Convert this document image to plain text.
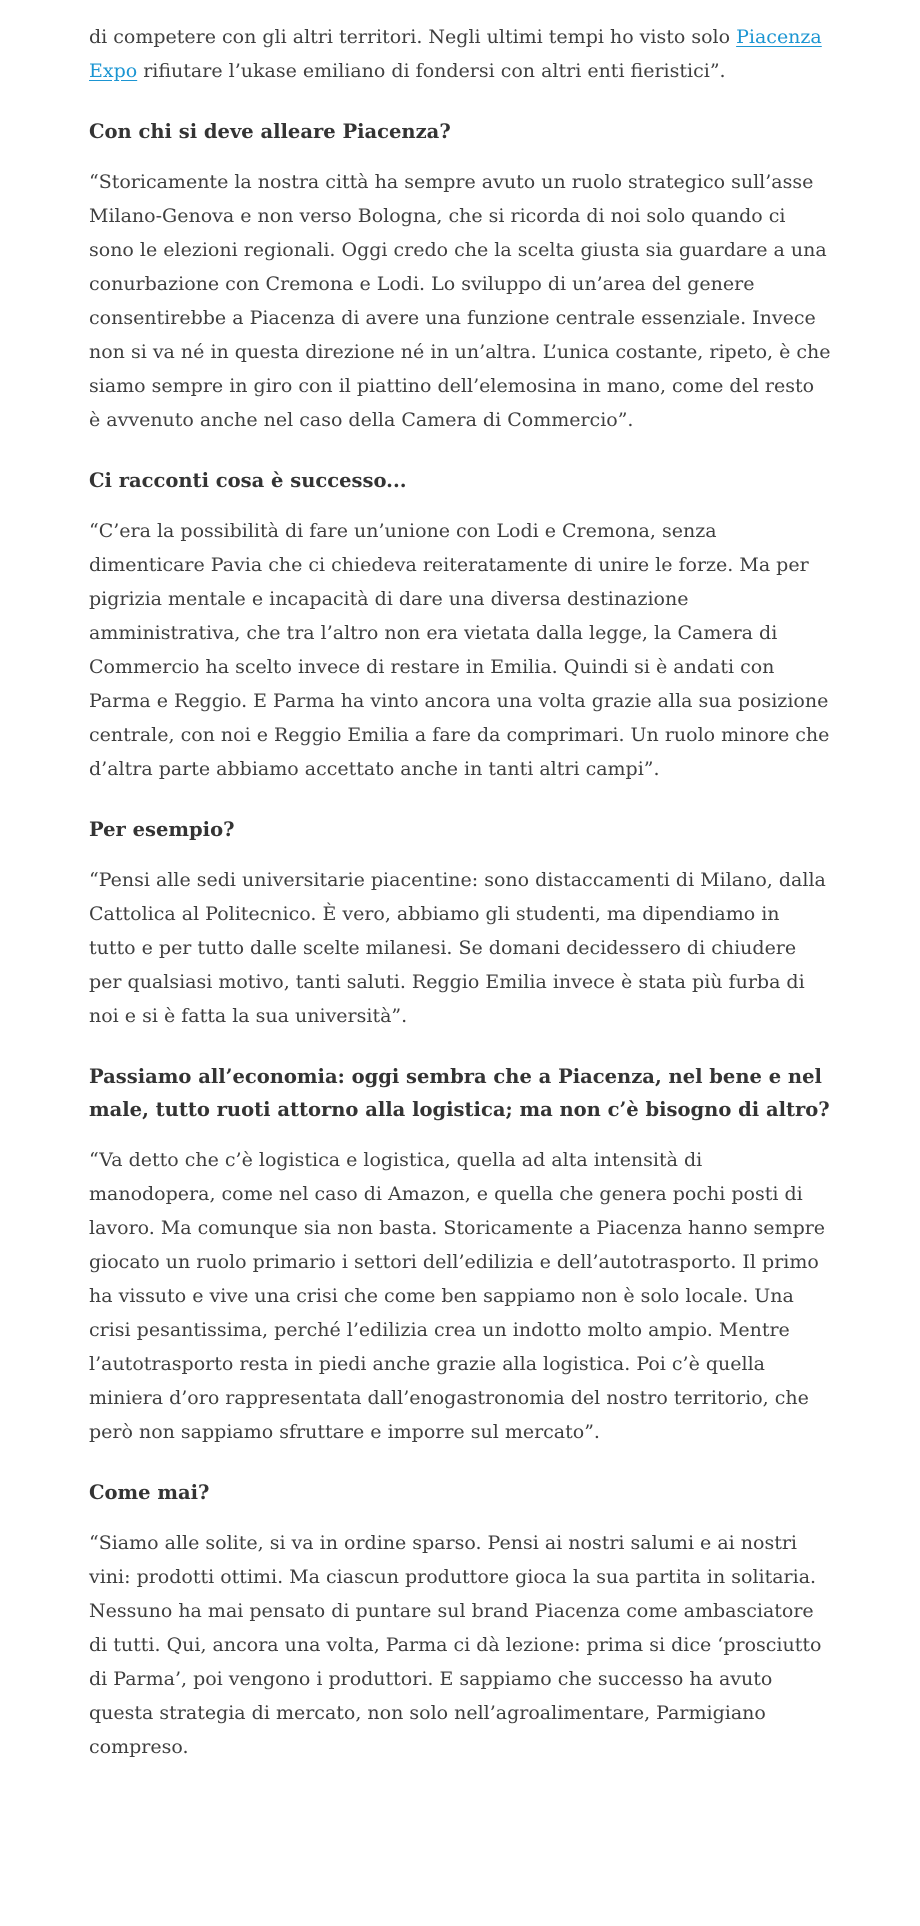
di competere con gli altri territori. Negli ultimi tempi ho visto solo Piacenza Expo rifiutare l’ukase emiliano di fondersi con altri enti fieristici”.

Con chi si deve alleare Piacenza?

“Storicamente la nostra città ha sempre avuto un ruolo strategico sull’asse Milano-Genova e non verso Bologna, che si ricorda di noi solo quando ci sono le elezioni regionali. Oggi credo che la scelta giusta sia guardare a una conurbazione con Cremona e Lodi. Lo sviluppo di un’area del genere consentirebbe a Piacenza di avere una funzione centrale essenziale. Invece non si va né in questa direzione né in un’altra. L’unica costante, ripeto, è che siamo sempre in giro con il piattino dell’elemosina in mano, come del resto è avvenuto anche nel caso della Camera di Commercio”.

Ci racconti cosa è successo...

“C’era la possibilità di fare un’unione con Lodi e Cremona, senza dimenticare Pavia che ci chiedeva reiteratamente di unire le forze. Ma per pigrizia mentale e incapacità di dare una diversa destinazione amministrativa, che tra l’altro non era vietata dalla legge, la Camera di Commercio ha scelto invece di restare in Emilia. Quindi si è andati con Parma e Reggio. E Parma ha vinto ancora una volta grazie alla sua posizione centrale, con noi e Reggio Emilia a fare da comprimari. Un ruolo minore che d’altra parte abbiamo accettato anche in tanti altri campi”.

Per esempio?

“Pensi alle sedi universitarie piacentine: sono distaccamenti di Milano, dalla Cattolica al Politecnico. È vero, abbiamo gli studenti, ma dipendiamo in tutto e per tutto dalle scelte milanesi. Se domani decidessero di chiudere per qualsiasi motivo, tanti saluti. Reggio Emilia invece è stata più furba di noi e si è fatta la sua università”.

Passiamo all’economia: oggi sembra che a Piacenza, nel bene e nel male, tutto ruoti attorno alla logistica; ma non c’è bisogno di altro?

“Va detto che c’è logistica e logistica, quella ad alta intensità di manodopera, come nel caso di Amazon, e quella che genera pochi posti di lavoro. Ma comunque sia non basta. Storicamente a Piacenza hanno sempre giocato un ruolo primario i settori dell’edilizia e dell’autotrasporto. Il primo ha vissuto e vive una crisi che come ben sappiamo non è solo locale. Una crisi pesantissima, perché l’edilizia crea un indotto molto ampio. Mentre l’autotrasporto resta in piedi anche grazie alla logistica. Poi c’è quella miniera d’oro rappresentata dall’enogastronomia del nostro territorio, che però non sappiamo sfruttare e imporre sul mercato”.

Come mai?

“Siamo alle solite, si va in ordine sparso. Pensi ai nostri salumi e ai nostri vini: prodotti ottimi. Ma ciascun produttore gioca la sua partita in solitaria. Nessuno ha mai pensato di puntare sul brand Piacenza come ambasciatore di tutti. Qui, ancora una volta, Parma ci dà lezione: prima si dice ‘prosciutto di Parma’, poi vengono i produttori. E sappiamo che successo ha avuto questa strategia di mercato, non solo nell’agroalimentare, Parmigiano compreso.
